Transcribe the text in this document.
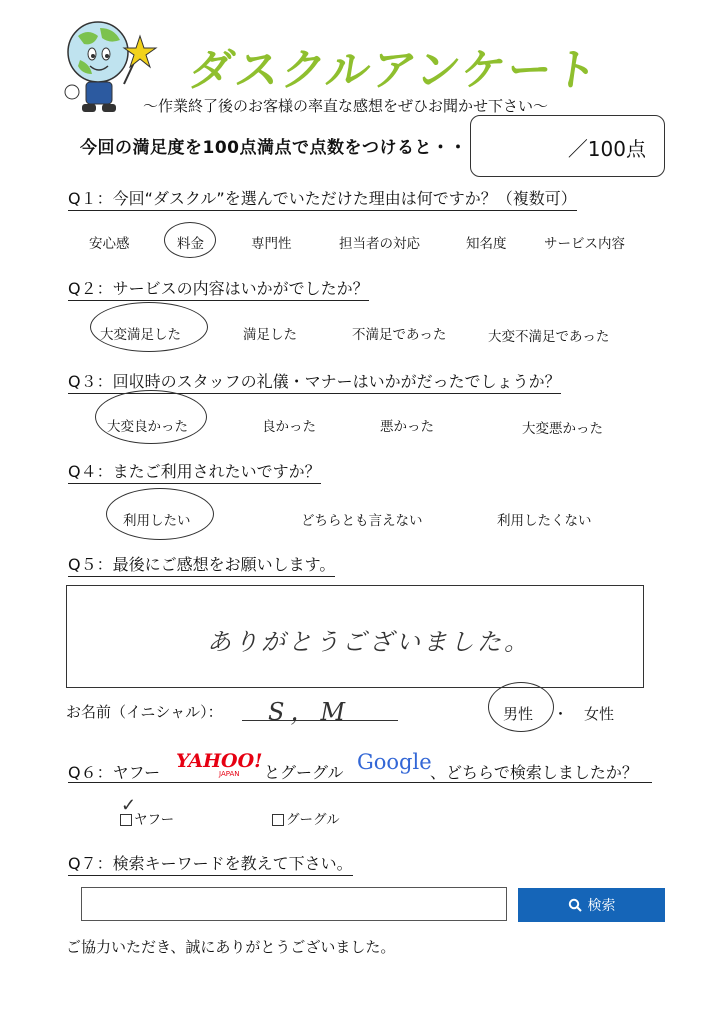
ダスクルアンケート
〜作業終了後のお客様の率直な感想をぜひお聞かせ下さい〜
今回の満足度を100点満点で点数をつけると・・	／100点
Q１：今回“ダスクル”を選んでいただけた理由は何ですか？（複数可）
安心感	料金	専門性	担当者の対応	知名度	サービス内容
Q２：サービスの内容はいかがでしたか？
大変満足した	満足した	不満足であった	大変不満足であった
Q３：回収時のスタッフの礼儀・マナーはいかがだったでしょうか？
大変良かった	良かった	悪かった	大変悪かった
Q４：またご利用されたいですか？
利用したい	どちらとも言えない	利用したくない
Q５：最後にご感想をお願いします。
ありがとうございました。
お名前（イニシャル）： S，M	男性 ・ 女性
Q６：ヤフー
YAHOO!
JAPAN とグーグル Google
、どちらで検索しましたか？
ヤフー
✓
グーグル
Q７：検索キーワードを教えて下さい。
検索
ご協力いただき、誠にありがとうございました。
